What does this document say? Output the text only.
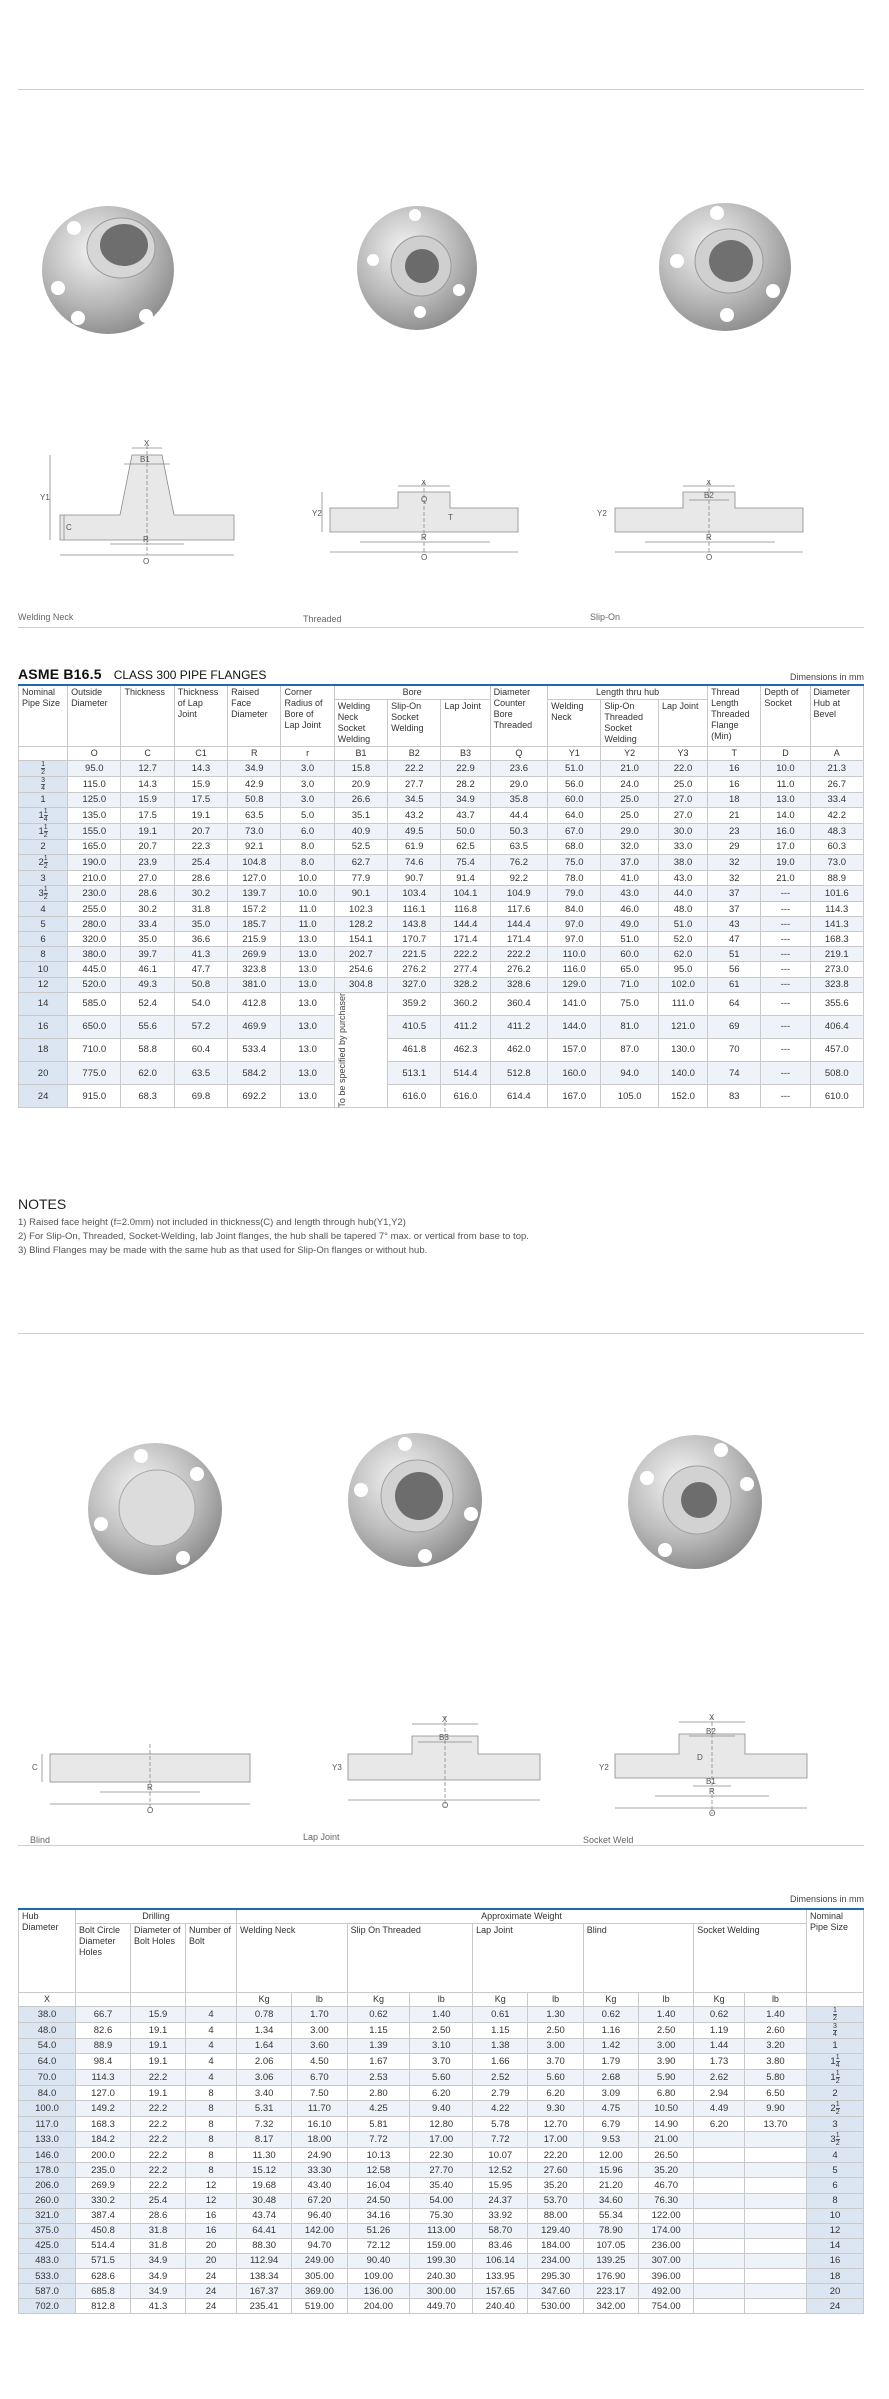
X
B1
R
O
Y1
C
X
Q
R
O
Y2	T
X
B2
R
O
Y2
Welding Neck	Threaded	Slip-On
ASME B16.5 CLASS 300 PIPE FLANGES	Dimensions in mm
Nominal Pipe Size	Outside Diameter	Thickness	Thickness of Lap Joint	Raised Face Diameter	Corner Radius of Bore of Lap Joint	Bore			Diameter Counter Bore Threaded	Length thru hub			Thread Length Threaded Flange (Min)	Depth of Socket	Diameter Hub at Bevel
						Welding Neck Socket Welding	Slip-On Socket Welding	Lap Joint		Welding Neck	Slip-On Threaded Socket Welding	Lap Joint			
	O	C	C1	R	r	B1	B2	B3	Q	Y1	Y2	Y3	T	D	A

$\frac{1}{2}$	95.0	12.7	14.3	34.9	3.0	15.8	22.2	22.9	23.6	51.0	21.0	22.0	16	10.0	21.3

$\frac{3}{4}$	115.0	14.3	15.9	42.9	3.0	20.9	27.7	28.2	29.0	56.0	24.0	25.0	16	11.0	26.7
1	125.0	15.9	17.5	50.8	3.0	26.6	34.5	34.9	35.8	60.0	25.0	27.0	18	13.0	33.4
$1 \frac{1}{4}$	135.0	17.5	19.1	63.5	5.0	35.1	43.2	43.7	44.4	64.0	25.0	27.0	21	14.0	42.2
$1 \frac{1}{2}$	155.0	19.1	20.7	73.0	6.0	40.9	49.5	50.0	50.3	67.0	29.0	30.0	23	16.0	48.3
2	165.0	20.7	22.3	92.1	8.0	52.5	61.9	62.5	63.5	68.0	32.0	33.0	29	17.0	60.3
$2 \frac{1}{2}$	190.0	23.9	25.4	104.8	8.0	62.7	74.6	75.4	76.2	75.0	37.0	38.0	32	19.0	73.0
3	210.0	27.0	28.6	127.0	10.0	77.9	90.7	91.4	92.2	78.0	41.0	43.0	32	21.0	88.9
$3 \frac{1}{2}$	230.0	28.6	30.2	139.7	10.0	90.1	103.4	104.1	104.9	79.0	43.0	44.0	37	---	101.6
4	255.0	30.2	31.8	157.2	11.0	102.3	116.1	116.8	117.6	84.0	46.0	48.0	37	---	114.3
5	280.0	33.4	35.0	185.7	11.0	128.2	143.8	144.4	144.4	97.0	49.0	51.0	43	---	141.3
6	320.0	35.0	36.6	215.9	13.0	154.1	170.7	171.4	171.4	97.0	51.0	52.0	47	---	168.3
8	380.0	39.7	41.3	269.9	13.0	202.7	221.5	222.2	222.2	110.0	60.0	62.0	51	---	219.1
10	445.0	46.1	47.7	323.8	13.0	254.6	276.2	277.4	276.2	116.0	65.0	95.0	56	---	273.0
12	520.0	49.3	50.8	381.0	13.0	304.8	327.0	328.2	328.6	129.0	71.0	102.0	61	---	323.8
14	585.0	52.4	54.0	412.8	13.0	To be specified by purchaser	359.2	360.2	360.4	141.0	75.0	111.0	64	---	355.6
16	650.0	55.6	57.2	469.9	13.0		410.5	411.2	411.2	144.0	81.0	121.0	69	---	406.4
18	710.0	58.8	60.4	533.4	13.0		461.8	462.3	462.0	157.0	87.0	130.0	70	---	457.0
20	775.0	62.0	63.5	584.2	13.0		513.1	514.4	512.8	160.0	94.0	140.0	74	---	508.0
24	915.0	68.3	69.8	692.2	13.0		616.0	616.0	614.4	167.0	105.0	152.0	83	---	610.0
NOTES
1) Raised face height (f=2.0mm) not included in thickness(C) and length through hub(Y1,Y2)
2) For Slip-On, Threaded, Socket-Welding, lab Joint flanges, the hub shall be tapered 7° max. or vertical from base to top.
3) Blind Flanges may be made with the same hub as that used for Slip-On flanges or without hub.
R
O
C
X
B3
O
Y3
X
B2
B1
R
O
Y2
D
Blind	Lap Joint	Socket Weld
Dimensions in mm
Hub Diameter	Drilling			Approximate Weight										Nominal Pipe Size
	Bolt Circle Diameter Holes	Diameter of Bolt Holes	Number of Bolt	Welding Neck		Slip On Threaded		Lap Joint		Blind		Socket Welding		
X				Kg	lb	Kg	lb	Kg	lb	Kg	lb	Kg	lb	
38.0	66.7	15.9	4	0.78	1.70	0.62	1.40	0.61	1.30	0.62	1.40	0.62	1.40	$\frac{1}{2}$

48.0	82.6	19.1	4	1.34	3.00	1.15	2.50	1.15	2.50	1.16	2.50	1.19	2.60	$\frac{3}{4}$

54.0	88.9	19.1	4	1.64	3.60	1.39	3.10	1.38	3.00	1.42	3.00	1.44	3.20	1
64.0	98.4	19.1	4	2.06	4.50	1.67	3.70	1.66	3.70	1.79	3.90	1.73	3.80	$1 \frac{1}{4}$

70.0	114.3	22.2	4	3.06	6.70	2.53	5.60	2.52	5.60	2.68	5.90	2.62	5.80	$1 \frac{1}{2}$

84.0	127.0	19.1	8	3.40	7.50	2.80	6.20	2.79	6.20	3.09	6.80	2.94	6.50	2
100.0	149.2	22.2	8	5.31	11.70	4.25	9.40	4.22	9.30	4.75	10.50	4.49	9.90	$2 \frac{1}{2}$

117.0	168.3	22.2	8	7.32	16.10	5.81	12.80	5.78	12.70	6.79	14.90	6.20	13.70	3
133.0	184.2	22.2	8	8.17	18.00	7.72	17.00	7.72	17.00	9.53	21.00			$3 \frac{1}{2}$

146.0	200.0	22.2	8	11.30	24.90	10.13	22.30	10.07	22.20	12.00	26.50			4
178.0	235.0	22.2	8	15.12	33.30	12.58	27.70	12.52	27.60	15.96	35.20			5
206.0	269.9	22.2	12	19.68	43.40	16.04	35.40	15.95	35.20	21.20	46.70			6
260.0	330.2	25.4	12	30.48	67.20	24.50	54.00	24.37	53.70	34.60	76.30			8
321.0	387.4	28.6	16	43.74	96.40	34.16	75.30	33.92	88.00	55.34	122.00			10
375.0	450.8	31.8	16	64.41	142.00	51.26	113.00	58.70	129.40	78.90	174.00			12
425.0	514.4	31.8	20	88.30	94.70	72.12	159.00	83.46	184.00	107.05	236.00			14
483.0	571.5	34.9	20	112.94	249.00	90.40	199.30	106.14	234.00	139.25	307.00			16
533.0	628.6	34.9	24	138.34	305.00	109.00	240.30	133.95	295.30	176.90	396.00			18
587.0	685.8	34.9	24	167.37	369.00	136.00	300.00	157.65	347.60	223.17	492.00			20
702.0	812.8	41.3	24	235.41	519.00	204.00	449.70	240.40	530.00	342.00	754.00			24
